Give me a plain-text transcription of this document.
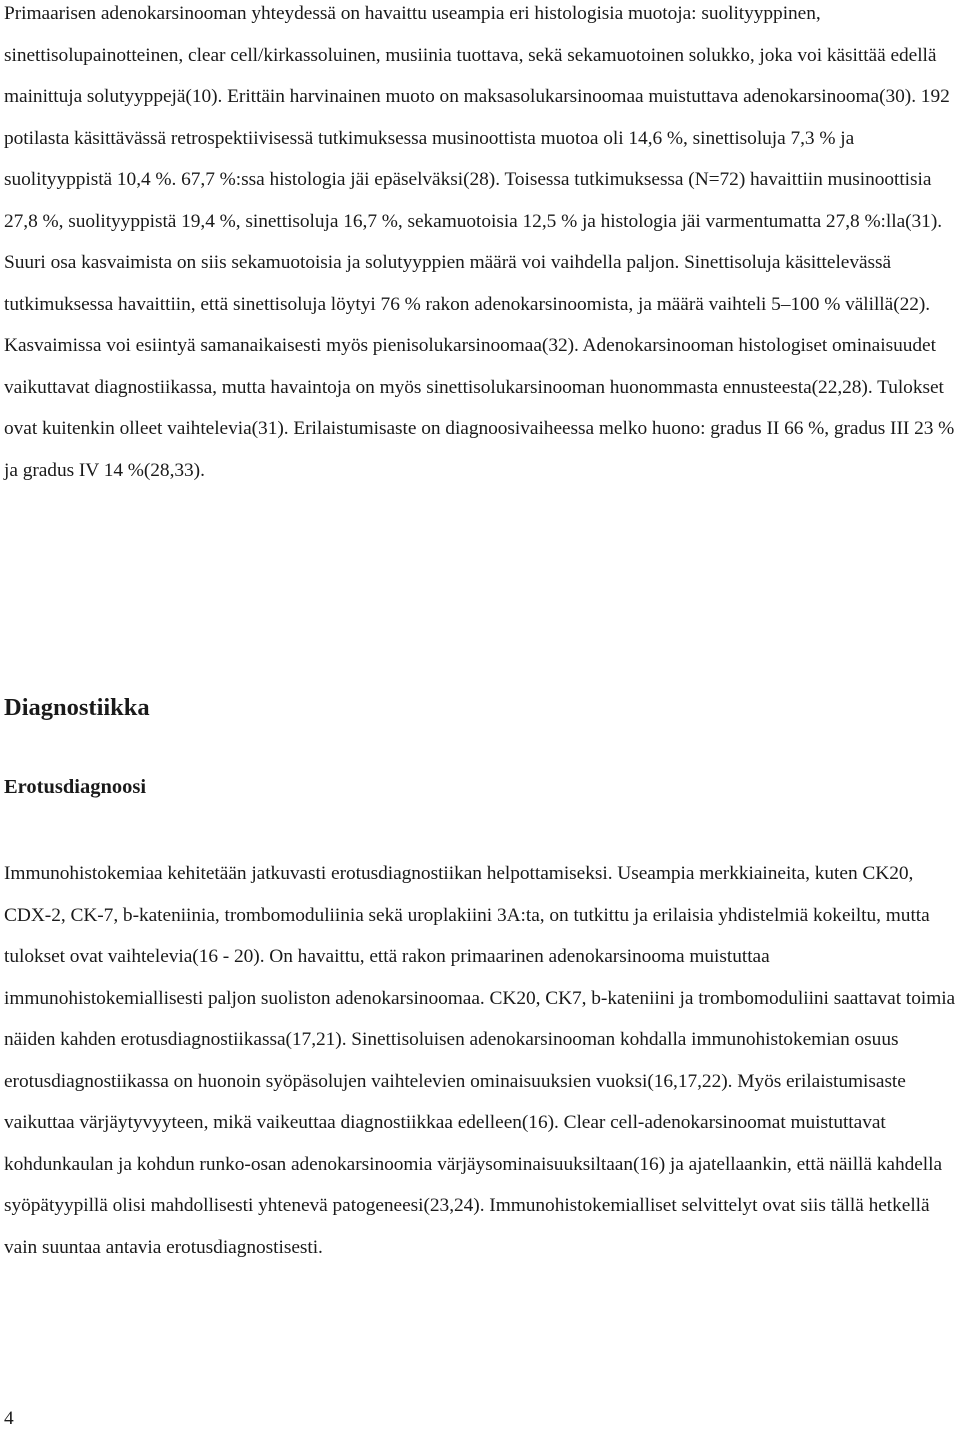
Primaarisen adenokarsinooman yhteydessä on havaittu useampia eri histologisia muotoja: suolityyppinen, sinettisolupainotteinen, clear cell/kirkassoluinen, musiinia tuottava, sekä sekamuotoinen solukko, joka voi käsittää edellä mainittuja solutyyppejä(10). Erittäin harvinainen muoto on maksasolukarsinoomaa muistuttava adenokarsinooma(30). 192 potilasta käsittävässä retrospektiivisessä tutkimuksessa musinoottista muotoa oli 14,6 %, sinettisoluja 7,3 % ja suolityyppistä 10,4 %. 67,7 %:ssa histologia jäi epäselväksi(28). Toisessa tutkimuksessa (N=72) havaittiin musinoottisia 27,8 %, suolityyppistä 19,4 %, sinettisoluja 16,7 %, sekamuotoisia 12,5 % ja histologia jäi varmentumatta 27,8 %:lla(31). Suuri osa kasvaimista on siis sekamuotoisia ja solutyyppien määrä voi vaihdella paljon. Sinettisoluja käsittelevässä tutkimuksessa havaittiin, että sinettisoluja löytyi 76 % rakon adenokarsinoomista, ja määrä vaihteli 5–100 % välillä(22). Kasvaimissa voi esiintyä samanaikaisesti myös pienisolukarsinoomaa(32). Adenokarsinooman histologiset ominaisuudet vaikuttavat diagnostiikassa, mutta havaintoja on myös sinettisolukarsinooman huonommasta ennusteesta(22,28). Tulokset ovat kuitenkin olleet vaihtelevia(31). Erilaistumisaste on diagnoosivaiheessa melko huono: gradus II 66 %, gradus III 23 % ja gradus IV 14 %(28,33).

Diagnostiikka
Erotusdiagnoosi

Immunohistokemiaa kehitetään jatkuvasti erotusdiagnostiikan helpottamiseksi. Useampia merkkiaineita, kuten CK20, CDX-2, CK-7, b-kateniinia, trombomoduliinia sekä uroplakiini 3A:ta, on tutkittu ja erilaisia yhdistelmiä kokeiltu, mutta tulokset ovat vaihtelevia(16 - 20). On havaittu, että rakon primaarinen adenokarsinooma muistuttaa immunohistokemiallisesti paljon suoliston adenokarsinoomaa. CK20, CK7, b-kateniini ja trombomoduliini saattavat toimia näiden kahden erotusdiagnostiikassa(17,21). Sinettisoluisen adenokarsinooman kohdalla immunohistokemian osuus erotusdiagnostiikassa on huonoin syöpäsolujen vaihtelevien ominaisuuksien vuoksi(16,17,22). Myös erilaistumisaste vaikuttaa värjäytyvyyteen, mikä vaikeuttaa diagnostiikkaa edelleen(16). Clear cell-adenokarsinoomat muistuttavat kohdunkaulan ja kohdun runko-osan adenokarsinoomia värjäysominaisuuksiltaan(16) ja ajatellaankin, että näillä kahdella syöpätyypillä olisi mahdollisesti yhtenevä patogeneesi(23,24). Immunohistokemialliset selvittelyt ovat siis tällä hetkellä vain suuntaa antavia erotusdiagnostisesti.

4
